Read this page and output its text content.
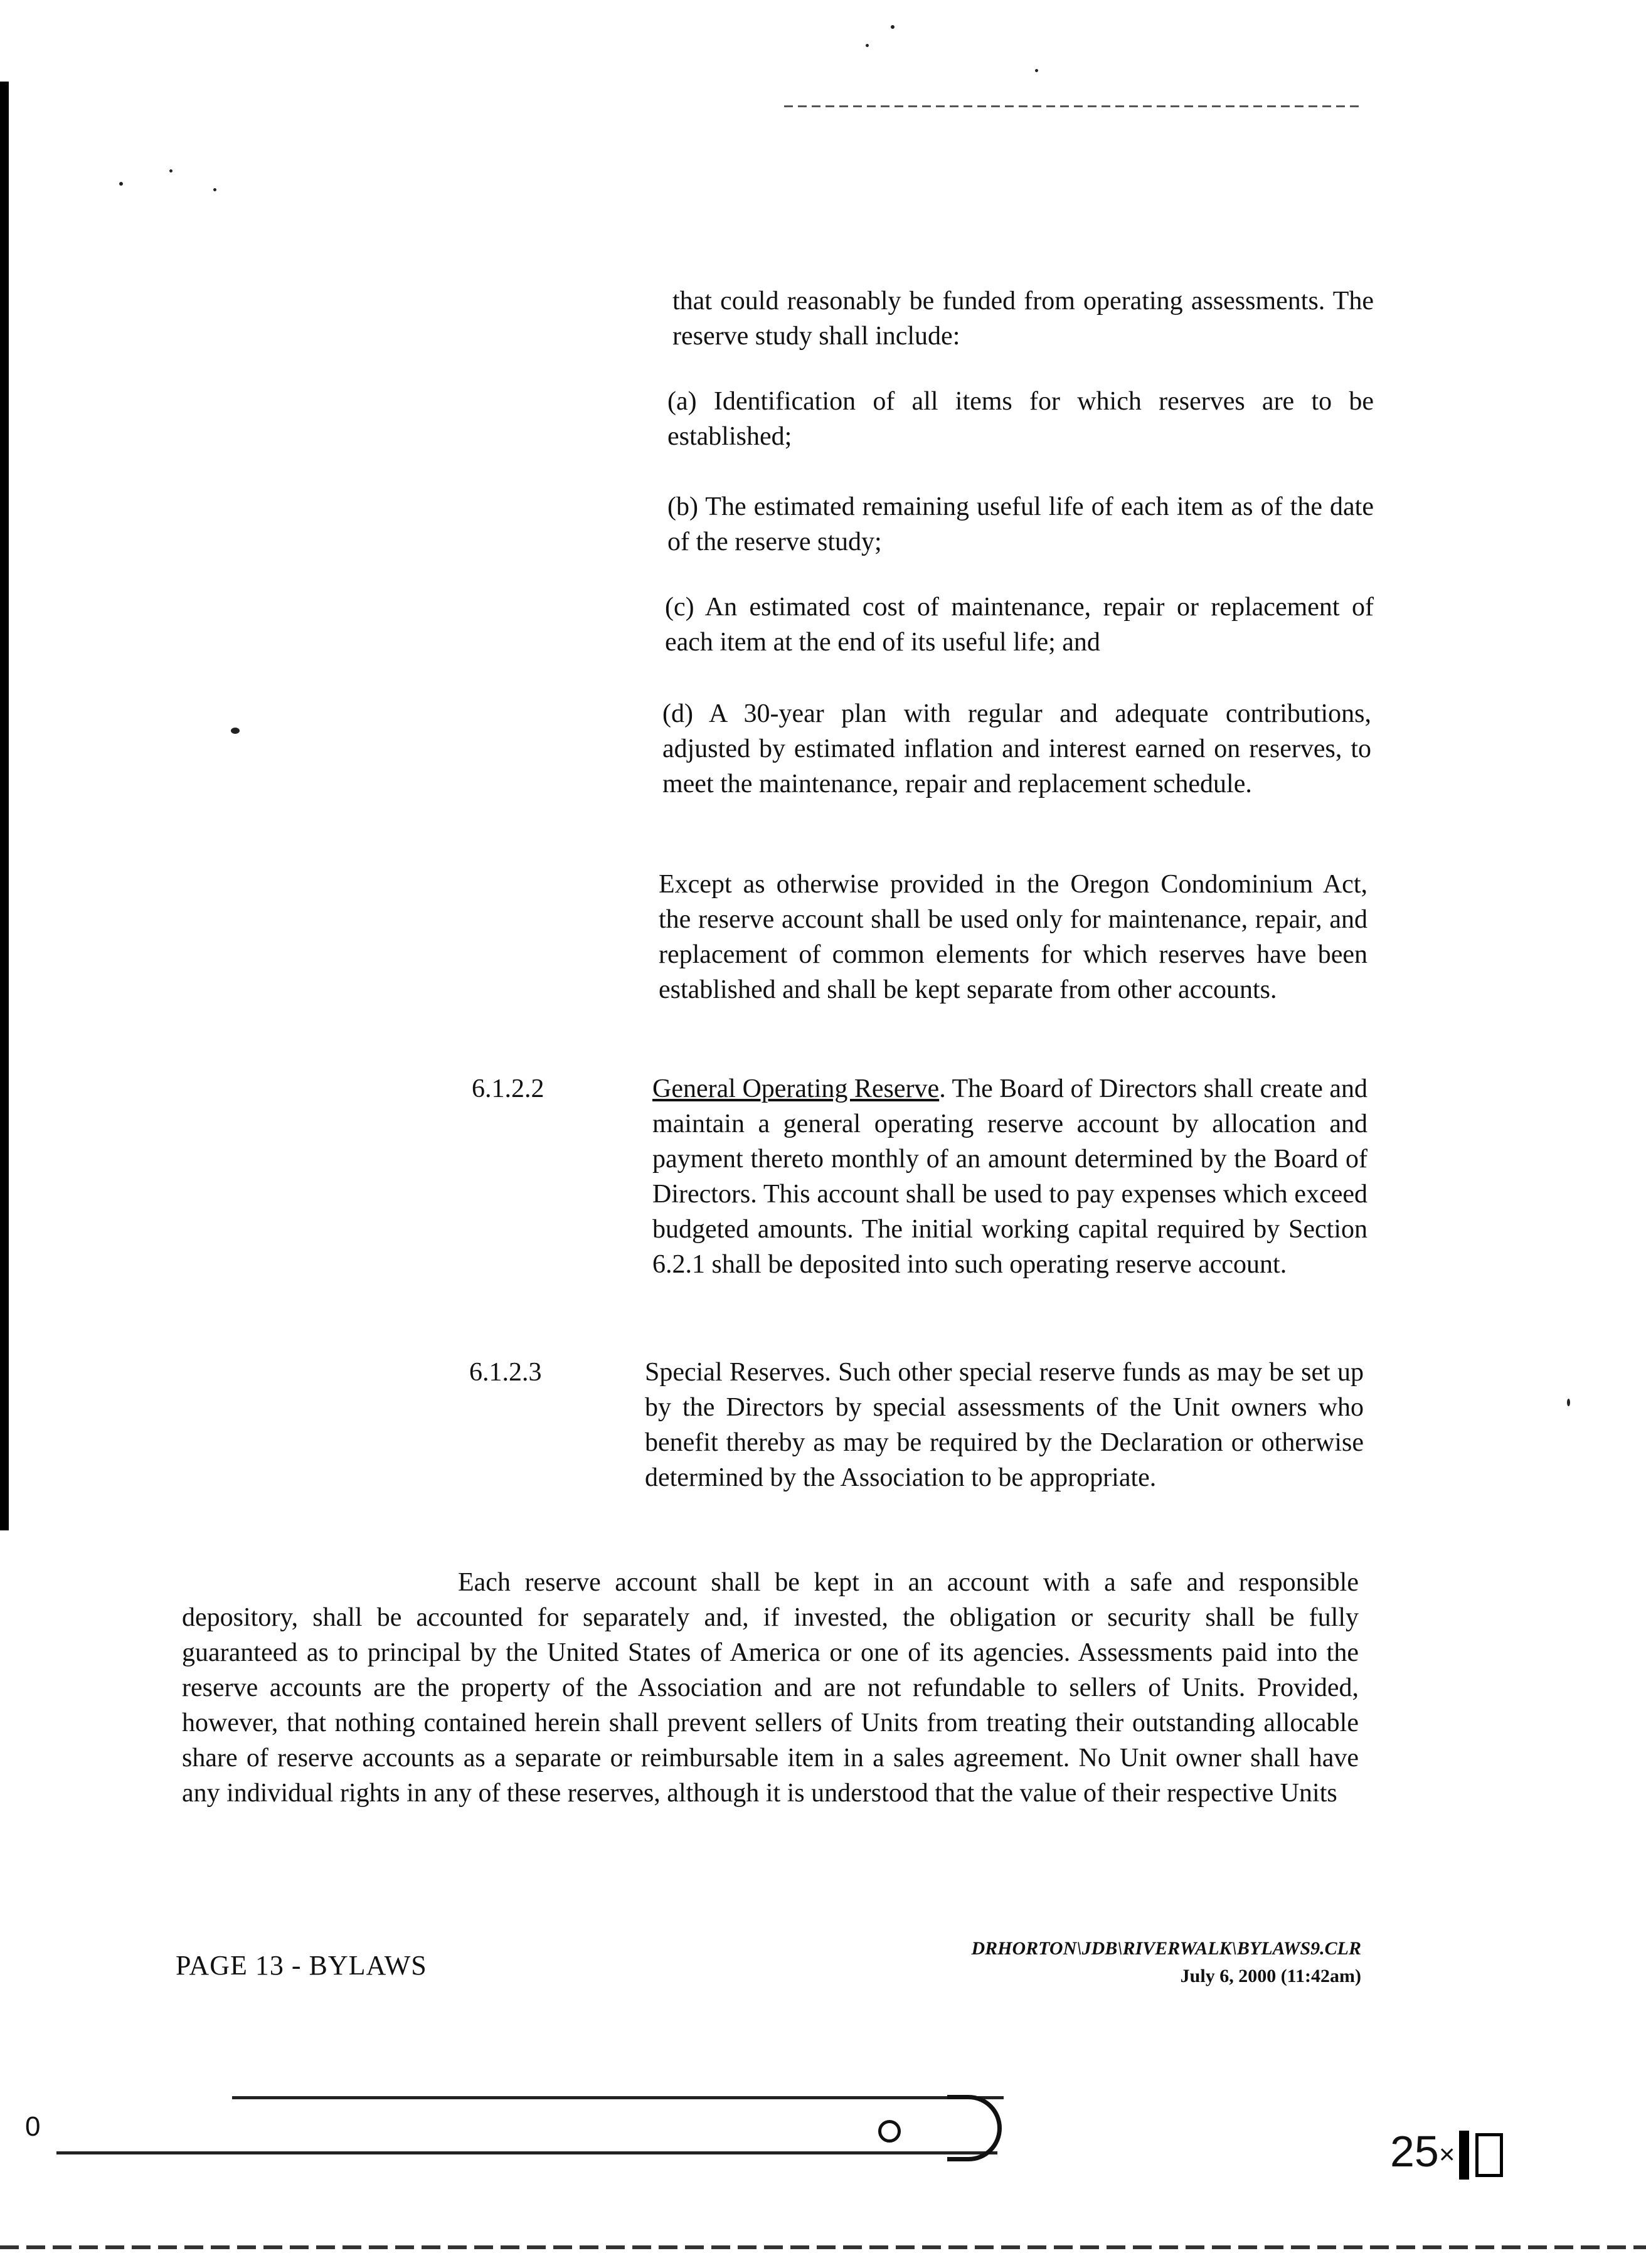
that could reasonably be funded from operating assessments. The reserve study shall include:

(a) Identification of all items for which reserves are to be established;

(b) The estimated remaining useful life of each item as of the date of the reserve study;

(c) An estimated cost of maintenance, repair or replacement of each item at the end of its useful life; and

(d) A 30-year plan with regular and adequate contributions, adjusted by estimated inflation and interest earned on reserves, to meet the maintenance, repair and replacement schedule.

Except as otherwise provided in the Oregon Condominium Act, the reserve account shall be used only for maintenance, repair, and replacement of common elements for which reserves have been established and shall be kept separate from other accounts.

6.1.2.2	General Operating Reserve. The Board of Directors shall create and maintain a general operating reserve account by allocation and payment thereto monthly of an amount determined by the Board of Directors. This account shall be used to pay expenses which exceed budgeted amounts. The initial working capital required by Section 6.2.1 shall be deposited into such operating reserve account.

6.1.2.3	Special Reserves. Such other special reserve funds as may be set up by the Directors by special assessments of the Unit owners who benefit thereby as may be required by the Declaration or otherwise determined by the Association to be appropriate.

Each reserve account shall be kept in an account with a safe and responsible depository, shall be accounted for separately and, if invested, the obligation or security shall be fully guaranteed as to principal by the United States of America or one of its agencies. Assessments paid into the reserve accounts are the property of the Association and are not refundable to sellers of Units. Provided, however, that nothing contained herein shall prevent sellers of Units from treating their outstanding allocable share of reserve accounts as a separate or reimbursable item in a sales agreement. No Unit owner shall have any individual rights in any of these reserves, although it is understood that the value of their respective Units

PAGE 13 - BYLAWS
DRHORTON\JDB\RIVERWALK\BYLAWS9.CLR
July 6, 2000 (11:42am)
0
25×
